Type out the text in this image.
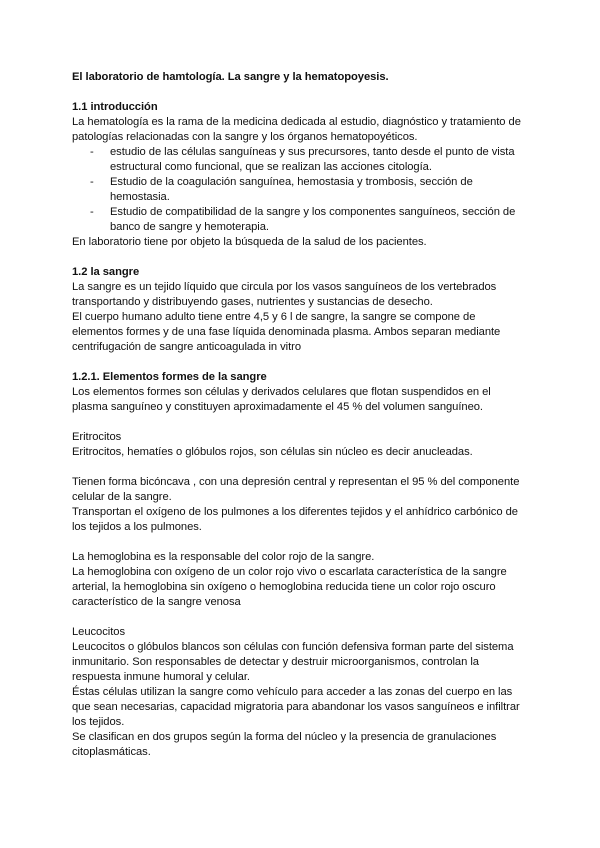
El laboratorio de hamtología. La sangre y la hematopoyesis.

1.1 introducción

La hematología es la rama de la medicina dedicada al estudio, diagnóstico y tratamiento de patologías relacionadas con la sangre y los órganos hematopoyéticos.

- estudio de las células sanguíneas y sus precursores, tanto desde el punto de vista estructural como funcional, que se realizan las acciones citología.
- Estudio de la coagulación sanguínea, hemostasia y trombosis, sección de hemostasia.
- Estudio de compatibilidad de la sangre y los componentes sanguíneos, sección de banco de sangre y hemoterapia.

En laboratorio tiene por objeto la búsqueda de la salud de los pacientes.

1.2 la sangre

La sangre es un tejido líquido que circula por los vasos sanguíneos de los vertebrados transportando y distribuyendo gases, nutrientes y sustancias de desecho.

El cuerpo humano adulto tiene entre 4,5 y 6 l de sangre, la sangre se compone de elementos formes y de una fase líquida denominada plasma. Ambos separan mediante centrifugación de sangre anticoagulada in vitro

1.2.1. Elementos formes de la sangre

Los elementos formes son células y derivados celulares que flotan suspendidos en el plasma sanguíneo y constituyen aproximadamente el 45 % del volumen sanguíneo.

Eritrocitos

Eritrocitos, hematíes o glóbulos rojos, son células sin núcleo es decir anucleadas.

Tienen forma bicóncava , con una depresión central y representan el 95 % del componente celular de la sangre.

Transportan el oxígeno de los pulmones a los diferentes tejidos y el anhídrico carbónico de los tejidos a los pulmones.

La hemoglobina es la responsable del color rojo de la sangre.

La hemoglobina con oxígeno de un color rojo vivo o escarlata característica de la sangre arterial, la hemoglobina sin oxígeno o hemoglobina reducida tiene un color rojo oscuro característico de la sangre venosa

Leucocitos

Leucocitos o glóbulos blancos son células con función defensiva forman parte del sistema inmunitario. Son responsables de detectar y destruir microorganismos, controlan la respuesta inmune humoral y celular.

Éstas células utilizan la sangre como vehículo para acceder a las zonas del cuerpo en las que sean necesarias, capacidad migratoria para abandonar los vasos sanguíneos e infiltrar los tejidos.

Se clasifican en dos grupos según la forma del núcleo y la presencia de granulaciones citoplasmáticas.
